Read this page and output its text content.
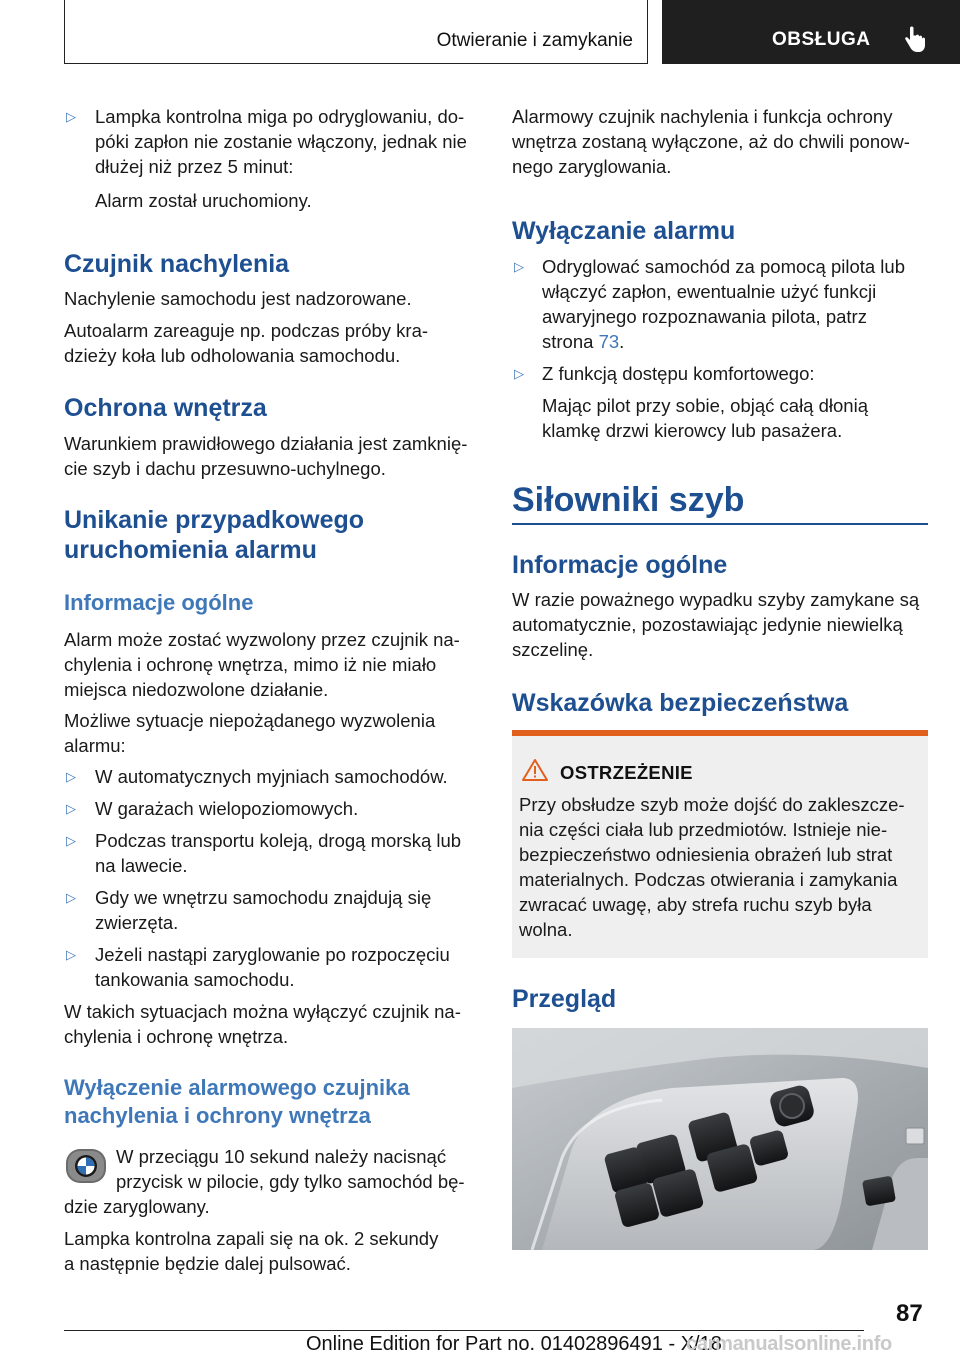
Otwieranie i zamykanie	OBSŁUGA
▷ Lampka kontrolna miga po odryglowaniu, do-
póki zapłon nie zostanie włączony, jednak nie
dłużej niż przez 5 minut:
Alarm został uruchomiony.
Czujnik nachylenia
Nachylenie samochodu jest nadzorowane.
Autoalarm zareaguje np. podczas próby kra-
dzieży koła lub odholowania samochodu.
Ochrona wnętrza
Warunkiem prawidłowego działania jest zamknię-
cie szyb i dachu przesuwno-uchylnego.
Unikanie przypadkowego
uruchomienia alarmu
Informacje ogólne
Alarm może zostać wyzwolony przez czujnik na-
chylenia i ochronę wnętrza, mimo iż nie miało
miejsca niedozwolone działanie.
Możliwe sytuacje niepożądanego wyzwolenia
alarmu:
▷ W automatycznych myjniach samochodów.
▷ W garażach wielopoziomowych.
▷ Podczas transportu koleją, drogą morską lub
na lawecie.
▷ Gdy we wnętrzu samochodu znajdują się
zwierzęta.
▷ Jeżeli nastąpi zaryglowanie po rozpoczęciu
tankowania samochodu.
W takich sytuacjach można wyłączyć czujnik na-
chylenia i ochronę wnętrza.
Wyłączenie alarmowego czujnika
nachylenia i ochrony wnętrza
W przeciągu 10 sekund należy nacisnąć
przycisk w pilocie, gdy tylko samochód bę-
dzie zaryglowany.
Lampka kontrolna zapali się na ok. 2 sekundy
a następnie będzie dalej pulsować.
Alarmowy czujnik nachylenia i funkcja ochrony
wnętrza zostaną wyłączone, aż do chwili ponow-
nego zaryglowania.
Wyłączanie alarmu
▷ Odryglować samochód za pomocą pilota lub
włączyć zapłon, ewentualnie użyć funkcji
awaryjnego rozpoznawania pilota, patrz
strona 73.
▷ Z funkcją dostępu komfortowego:
Mając pilot przy sobie, objąć całą dłonią
klamkę drzwi kierowcy lub pasażera.
Siłowniki szyb
Informacje ogólne
W razie poważnego wypadku szyby zamykane są
automatycznie, pozostawiając jedynie niewielką
szczelinę.
Wskazówka bezpieczeństwa
OSTRZEŻENIE
Przy obsłudze szyb może dojść do zakleszcze-
nia części ciała lub przedmiotów. Istnieje nie-
bezpieczeństwo odniesienia obrażeń lub strat
materialnych. Podczas otwierania i zamykania
zwracać uwagę, aby strefa ruchu szyb była
wolna.
Przegląd
87
Online Edition for Part no. 01402896491 - X/18
carmanualsonline.info
